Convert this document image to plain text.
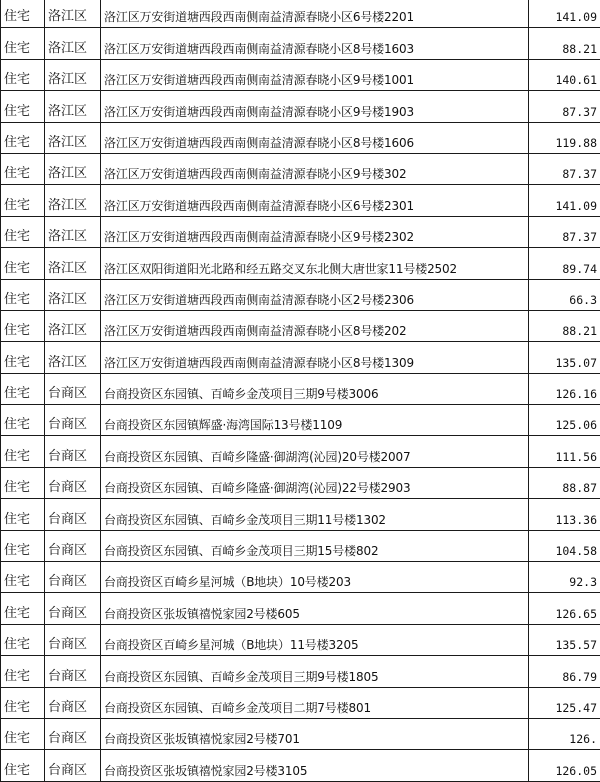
住宅	洛江区	洛江区万安街道塘西段西南侧南益清源春晓小区6号楼2201	141.09	
住宅	洛江区	洛江区万安街道塘西段西南侧南益清源春晓小区8号楼1603	88.21	
住宅	洛江区	洛江区万安街道塘西段西南侧南益清源春晓小区9号楼1001	140.61	
住宅	洛江区	洛江区万安街道塘西段西南侧南益清源春晓小区9号楼1903	87.37	
住宅	洛江区	洛江区万安街道塘西段西南侧南益清源春晓小区8号楼1606	119.88	
住宅	洛江区	洛江区万安街道塘西段西南侧南益清源春晓小区9号楼302	87.37	
住宅	洛江区	洛江区万安街道塘西段西南侧南益清源春晓小区6号楼2301	141.09	
住宅	洛江区	洛江区万安街道塘西段西南侧南益清源春晓小区9号楼2302	87.37	
住宅	洛江区	洛江区双阳街道阳光北路和经五路交叉东北侧大唐世家11号楼2502	89.74	
住宅	洛江区	洛江区万安街道塘西段西南侧南益清源春晓小区2号楼2306	66.3	
住宅	洛江区	洛江区万安街道塘西段西南侧南益清源春晓小区8号楼202	88.21	
住宅	洛江区	洛江区万安街道塘西段西南侧南益清源春晓小区8号楼1309	135.07	
住宅	台商区	台商投资区东园镇、百崎乡金茂项目三期9号楼3006	126.16	
住宅	台商区	台商投资区东园镇辉盛·海湾国际13号楼1109	125.06	
住宅	台商区	台商投资区东园镇、百崎乡隆盛·御湖湾(沁园)20号楼2007	111.56	
住宅	台商区	台商投资区东园镇、百崎乡隆盛·御湖湾(沁园)22号楼2903	88.87	
住宅	台商区	台商投资区东园镇、百崎乡金茂项目三期11号楼1302	113.36	
住宅	台商区	台商投资区东园镇、百崎乡金茂项目三期15号楼802	104.58	
住宅	台商区	台商投资区百崎乡星河城（B地块）10号楼203	92.3	
住宅	台商区	台商投资区张坂镇禧悦家园2号楼605	126.65	
住宅	台商区	台商投资区百崎乡星河城（B地块）11号楼3205	135.57	
住宅	台商区	台商投资区东园镇、百崎乡金茂项目三期9号楼1805	86.79	
住宅	台商区	台商投资区东园镇、百崎乡金茂项目二期7号楼801	125.47	
住宅	台商区	台商投资区张坂镇禧悦家园2号楼701	126.	
住宅	台商区	台商投资区张坂镇禧悦家园2号楼3105	126.05	
